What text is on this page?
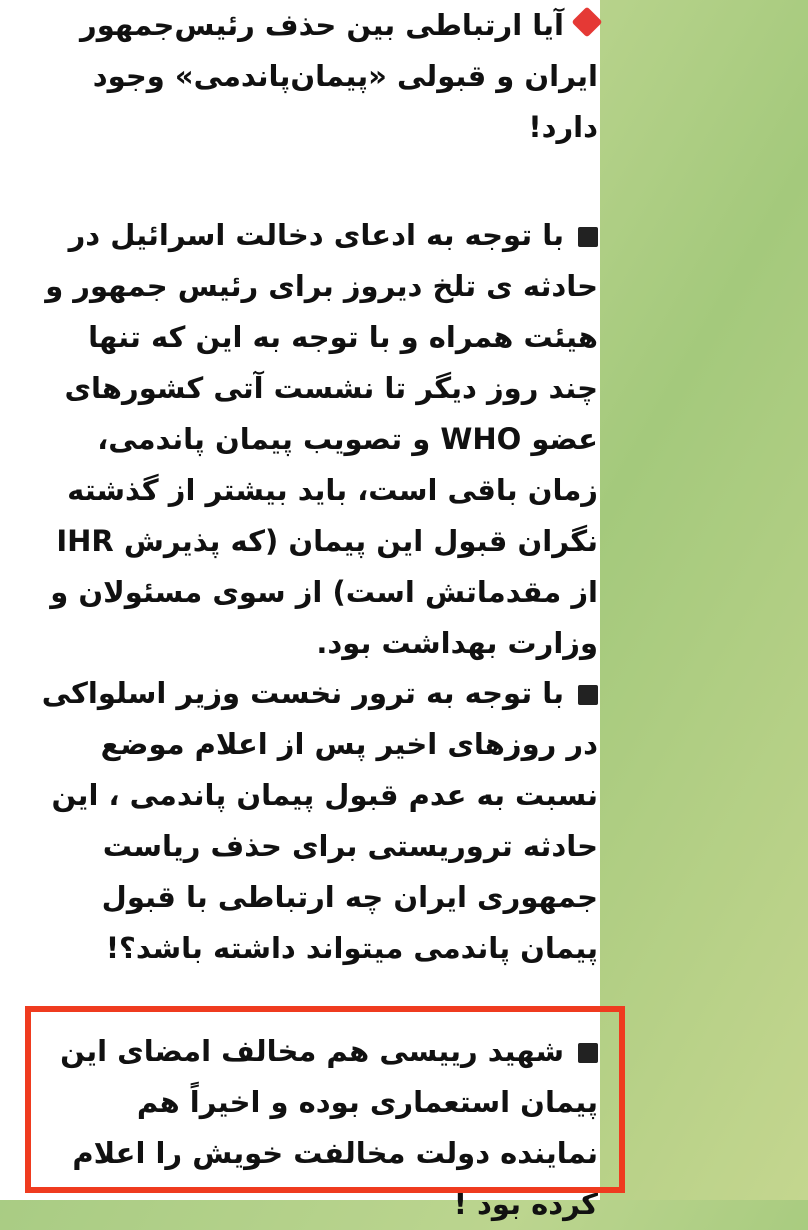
آیا ارتباطی بین حذف رئیس‌جمهور ایران و قبولی «پیمان‌پاندمی» وجود دارد!

با توجه به ادعای دخالت اسرائیل در حادثه ی تلخ دیروز برای رئیس جمهور و هیئت همراه و با توجه به این که تنها چند روز دیگر تا نشست آتی کشورهای عضو WHO و تصویب پیمان پاندمی، زمان باقی است، باید بیشتر از گذشته نگران قبول این پیمان (که پذیرش IHR از مقدماتش است) از سوی مسئولان و وزارت بهداشت بود.

با توجه به ترور نخست وزیر اسلواکی در روزهای اخیر پس از اعلام موضع نسبت به عدم قبول پیمان پاندمی ، این حادثه تروریستی برای حذف ریاست جمهوری ایران چه ارتباطی با قبول پیمان پاندمی میتواند داشته باشد؟!

شهید رییسی هم مخالف امضای این پیمان استعماری بوده و اخیراً هم نماینده دولت مخالفت خویش را اعلام کرده بود !
